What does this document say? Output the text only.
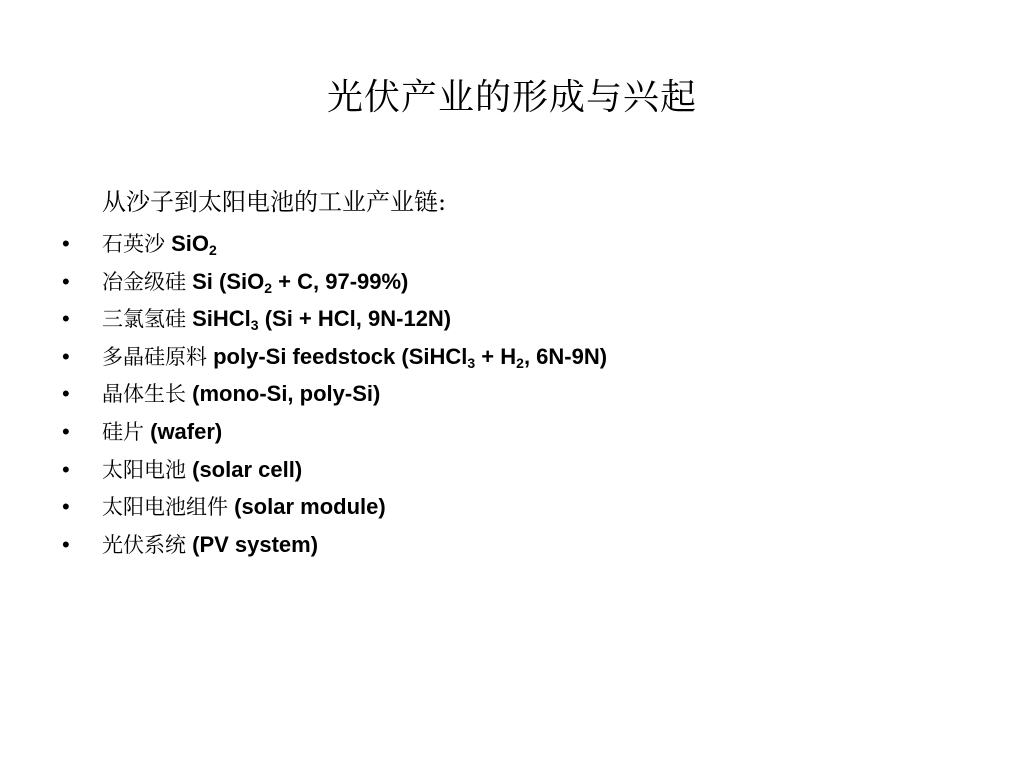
光伏产业的形成与兴起
从沙子到太阳电池的工业产业链:
• 石英沙 SiO$_2$
• 冶金级硅 Si (SiO$_2$ + C, 97-99%)
• 三氯氢硅 SiHCl$_3$ (Si + HCl, 9N-12N)
• 多晶硅原料 poly-Si feedstock (SiHCl$_3$ + $H_2$, 6N-9N)
• 晶体生长 (mono-Si, poly-Si)
• 硅片 (wafer)
• 太阳电池 (solar cell)
• 太阳电池组件 (solar module)
• 光伏系统 (PV system)
